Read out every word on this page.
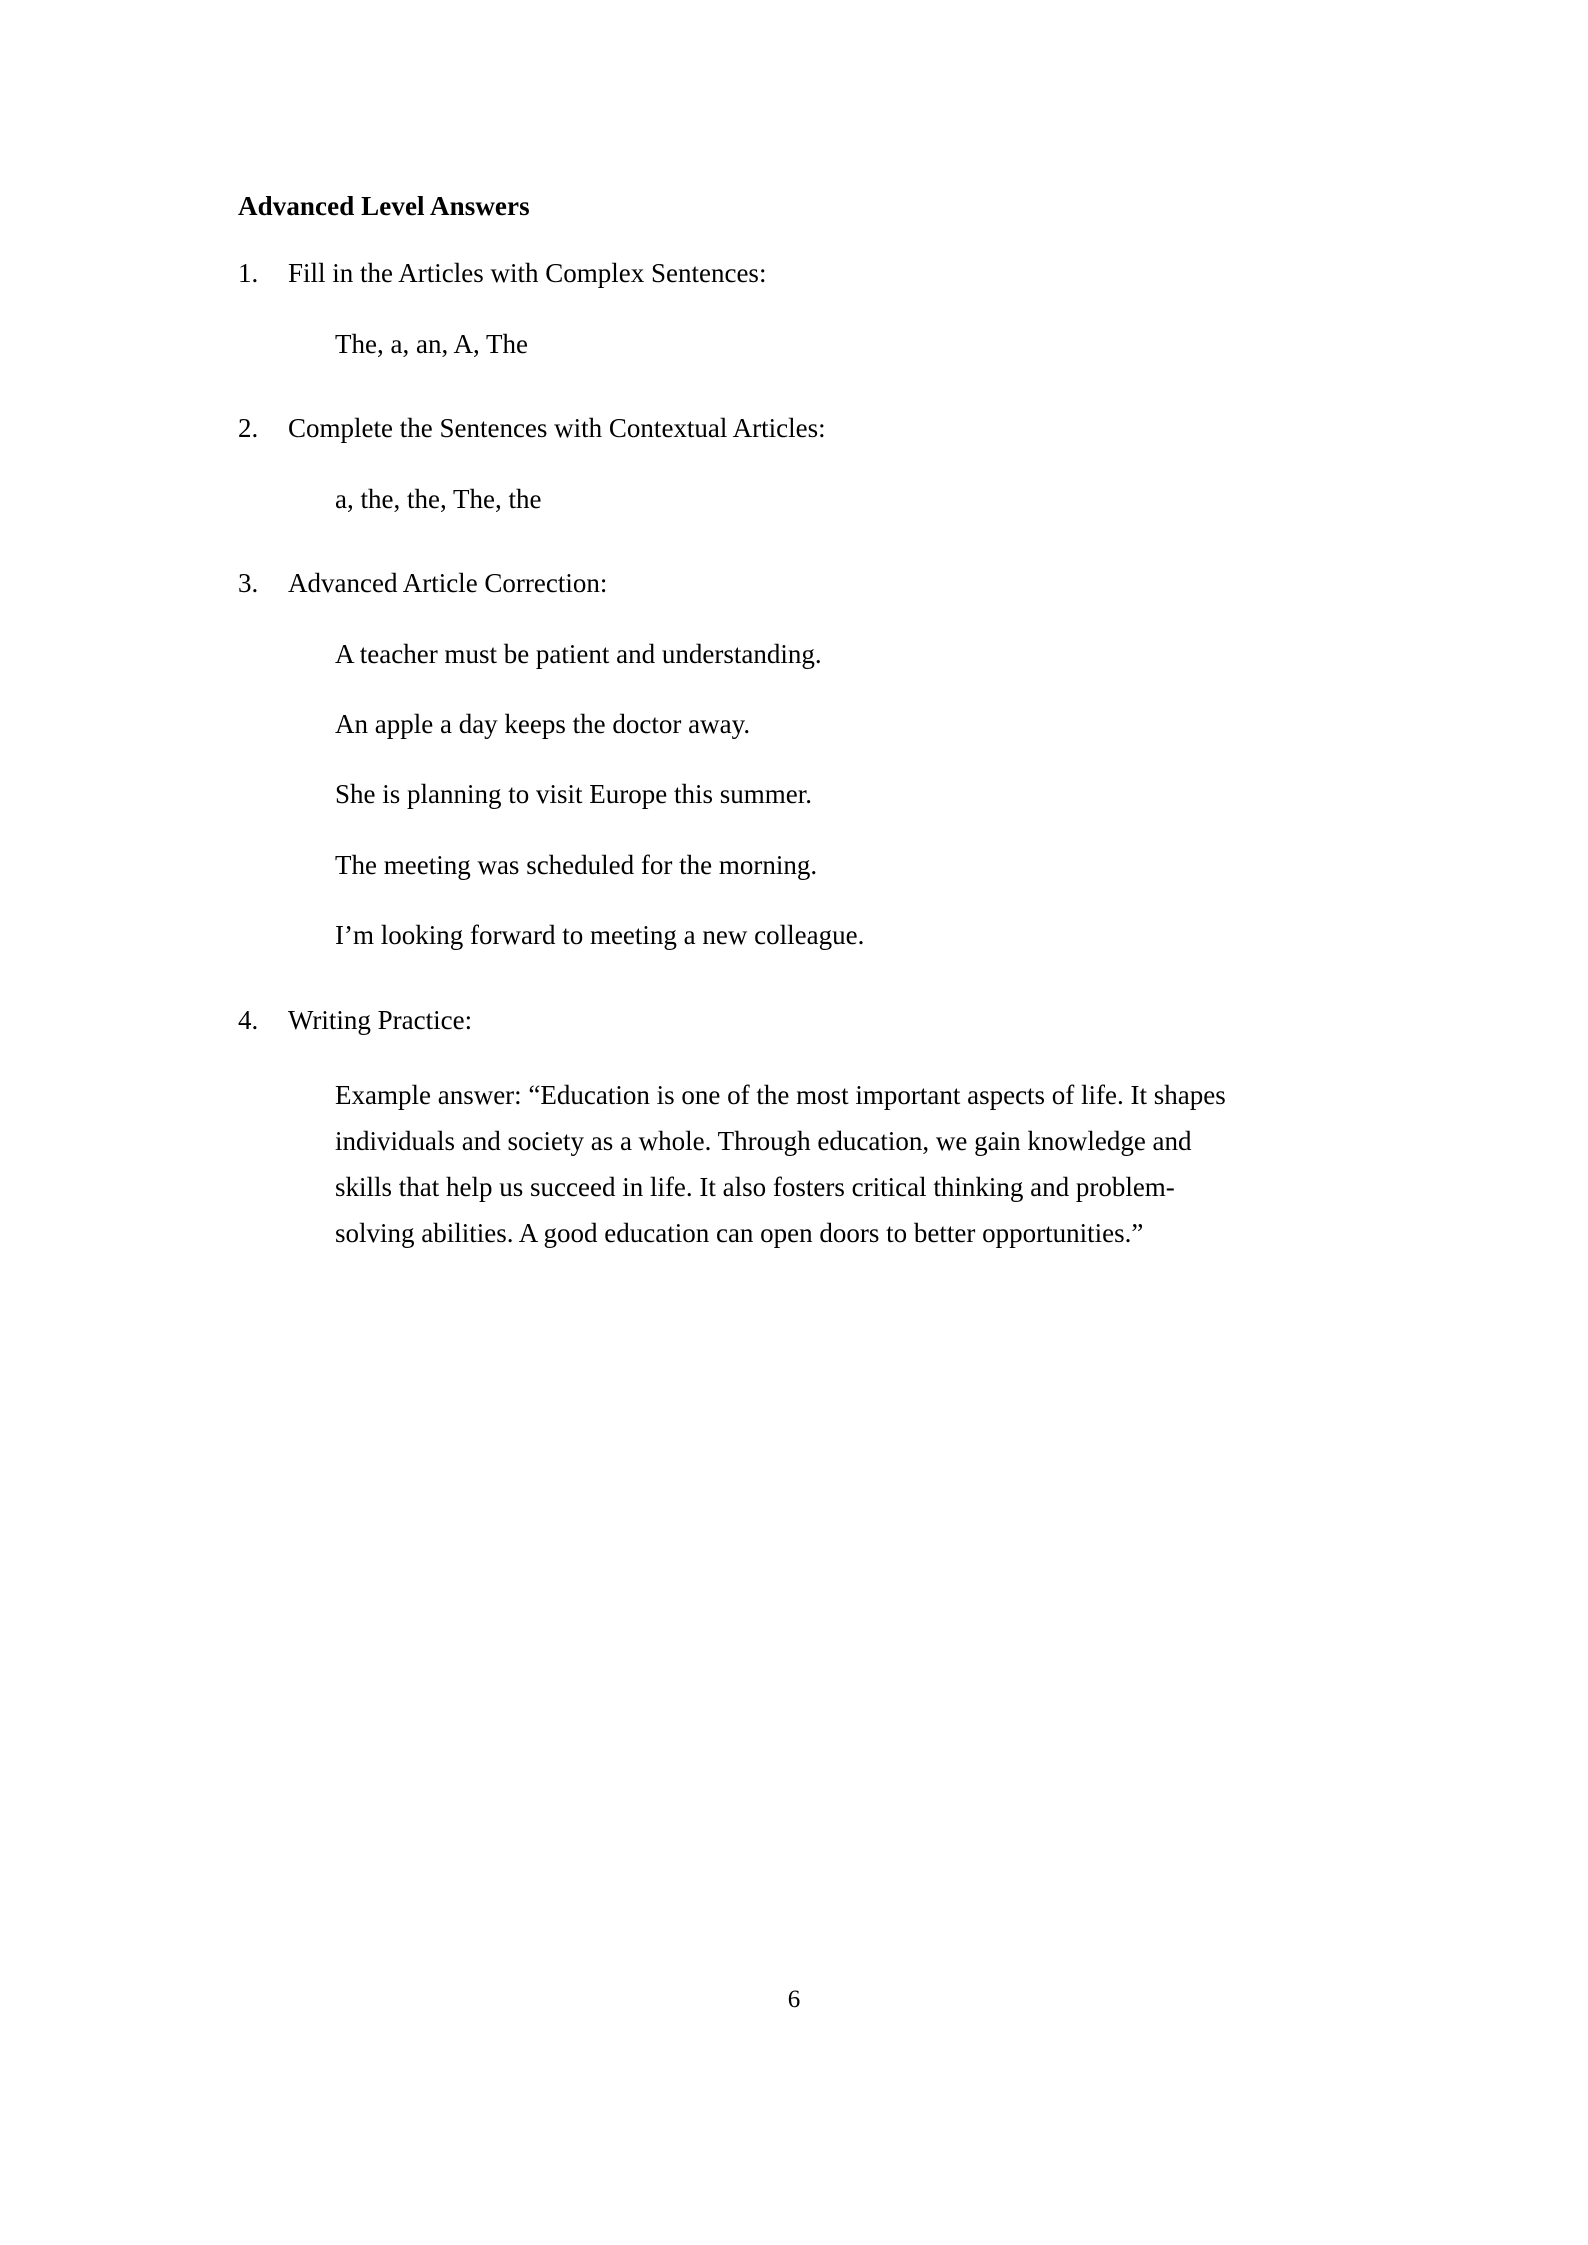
Advanced Level Answers
1.	Fill in the Articles with Complex Sentences:
The, a, an, A, The
2.	Complete the Sentences with Contextual Articles:
a, the, the, The, the
3.	Advanced Article Correction:
A teacher must be patient and understanding.
An apple a day keeps the doctor away.
She is planning to visit Europe this summer.
The meeting was scheduled for the morning.
I’m looking forward to meeting a new colleague.
4.	Writing Practice:

Example answer: “Education is one of the most important aspects of life. It shapes individuals and society as a whole. Through education, we gain knowledge and skills that help us succeed in life. It also fosters critical thinking and problem-solving abilities. A good education can open doors to better opportunities.”

6
